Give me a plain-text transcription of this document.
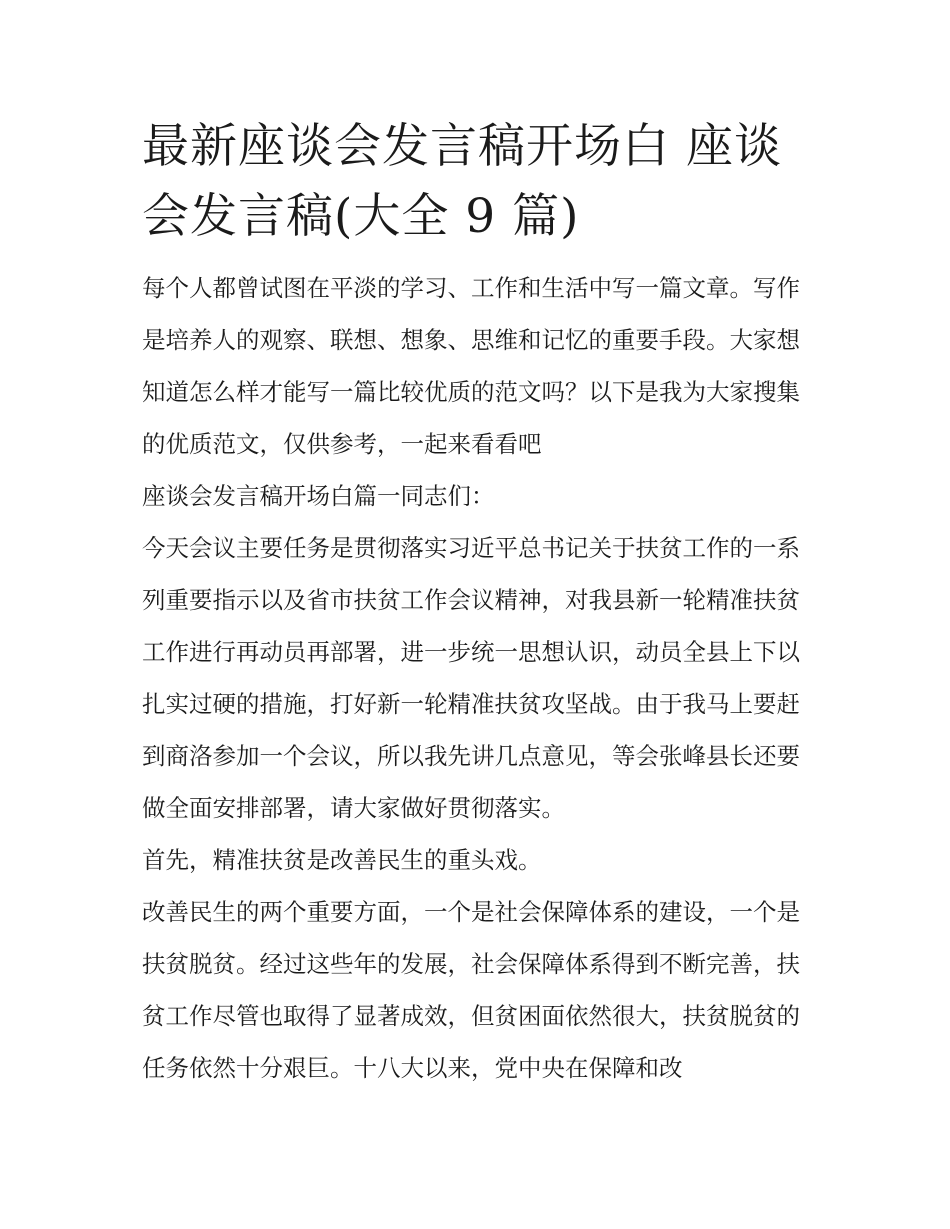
最新座谈会发言稿开场白 座谈
会发言稿(大全 9 篇)

每个人都曾试图在平淡的学习、工作和生活中写一篇文章。写作是培养人的观察、联想、想象、思维和记忆的重要手段。大家想知道怎么样才能写一篇比较优质的范文吗？以下是我为大家搜集的优质范文，仅供参考，一起来看看吧

座谈会发言稿开场白篇一同志们：

今天会议主要任务是贯彻落实习近平总书记关于扶贫工作的一系列重要指示以及省市扶贫工作会议精神，对我县新一轮精准扶贫工作进行再动员再部署，进一步统一思想认识，动员全县上下以扎实过硬的措施，打好新一轮精准扶贫攻坚战。由于我马上要赶到商洛参加一个会议，所以我先讲几点意见，等会张峰县长还要做全面安排部署，请大家做好贯彻落实。

首先，精准扶贫是改善民生的重头戏。

改善民生的两个重要方面，一个是社会保障体系的建设，一个是扶贫脱贫。经过这些年的发展，社会保障体系得到不断完善，扶贫工作尽管也取得了显著成效，但贫困面依然很大，扶贫脱贫的任务依然十分艰巨。十八大以来，党中央在保障和改
